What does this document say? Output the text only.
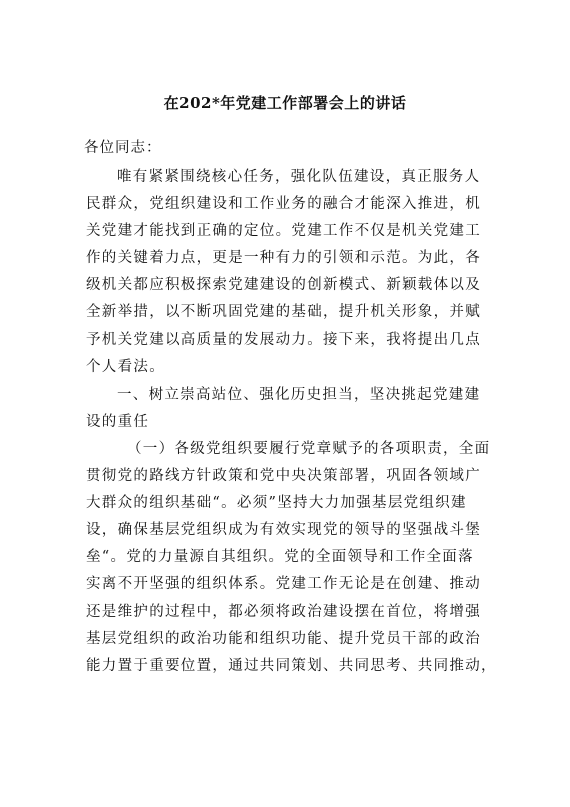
在202*年党建工作部署会上的讲话
各位同志：
唯有紧紧围绕核心任务，强化队伍建设，真正服务人
民群众，党组织建设和工作业务的融合才能深入推进，机
关党建才能找到正确的定位。党建工作不仅是机关党建工
作的关键着力点，更是一种有力的引领和示范。为此，各
级机关都应积极探索党建建设的创新模式、新颖载体以及
全新举措，以不断巩固党建的基础，提升机关形象，并赋
予机关党建以高质量的发展动力。接下来，我将提出几点
个人看法。
一、树立崇高站位、强化历史担当，坚决挑起党建建
设的重任
（一）各级党组织要履行党章赋予的各项职责，全面
贯彻党的路线方针政策和党中央决策部署，巩固各领域广
大群众的组织基础“。必须”坚持大力加强基层党组织建
设，确保基层党组织成为有效实现党的领导的坚强战斗堡
垒“。党的力量源自其组织。党的全面领导和工作全面落
实离不开坚强的组织体系。党建工作无论是在创建、推动
还是维护的过程中，都必须将政治建设摆在首位，将增强
基层党组织的政治功能和组织功能、提升党员干部的政治
能力置于重要位置，通过共同策划、共同思考、共同推动，
